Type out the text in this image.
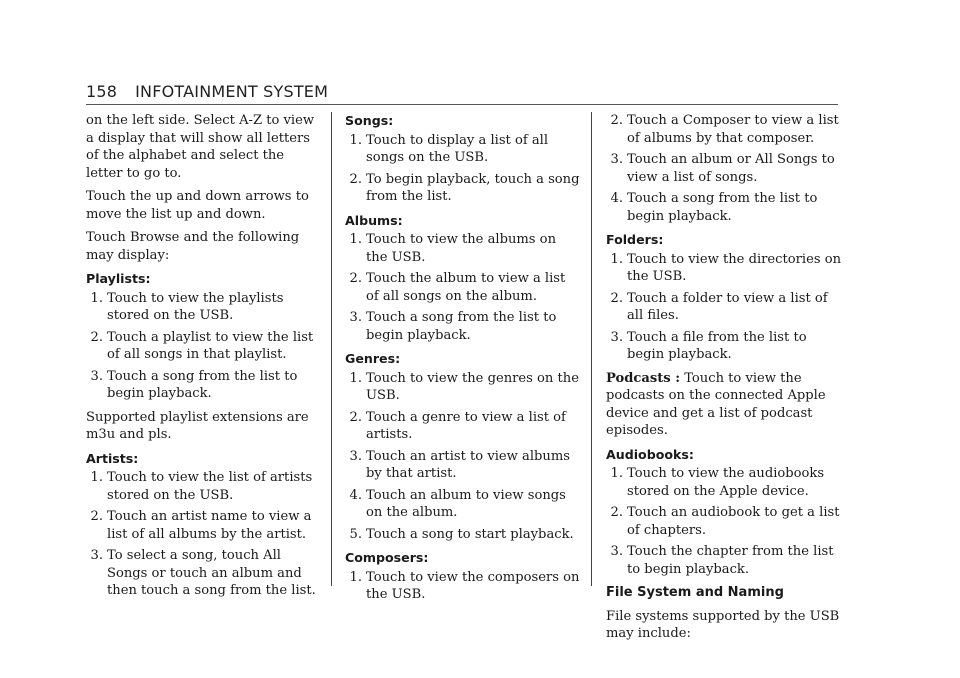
158 INFOTAINMENT SYSTEM

on the left side. Select A-Z to view a display that will show all letters of the alphabet and select the letter to go to.

Touch the up and down arrows to move the list up and down.

Touch Browse and the following may display:

Playlists:
1. Touch to view the playlists stored on the USB.
2. Touch a playlist to view the list of all songs in that playlist.
3. Touch a song from the list to begin playback.

Supported playlist extensions are m3u and pls.

Artists:
1. Touch to view the list of artists stored on the USB.
2. Touch an artist name to view a list of all albums by the artist.
3. To select a song, touch All Songs or touch an album and then touch a song from the list.
Songs:
1. Touch to display a list of all songs on the USB.
2. To begin playback, touch a song from the list.
Albums:
1. Touch to view the albums on the USB.
2. Touch the album to view a list of all songs on the album.
3. Touch a song from the list to begin playback.
Genres:
1. Touch to view the genres on the USB.
2. Touch a genre to view a list of artists.
3. Touch an artist to view albums by that artist.
4. Touch an album to view songs on the album.
5. Touch a song to start playback.
Composers:
1. Touch to view the composers on the USB.
2. Touch a Composer to view a list of albums by that composer.
3. Touch an album or All Songs to view a list of songs.
4. Touch a song from the list to begin playback.
Folders:
1. Touch to view the directories on the USB.
2. Touch a folder to view a list of all files.
3. Touch a file from the list to begin playback.

Podcasts : Touch to view the podcasts on the connected Apple device and get a list of podcast episodes.

Audiobooks:
1. Touch to view the audiobooks stored on the Apple device.
2. Touch an audiobook to get a list of chapters.
3. Touch the chapter from the list to begin playback.
File System and Naming

File systems supported by the USB may include:
